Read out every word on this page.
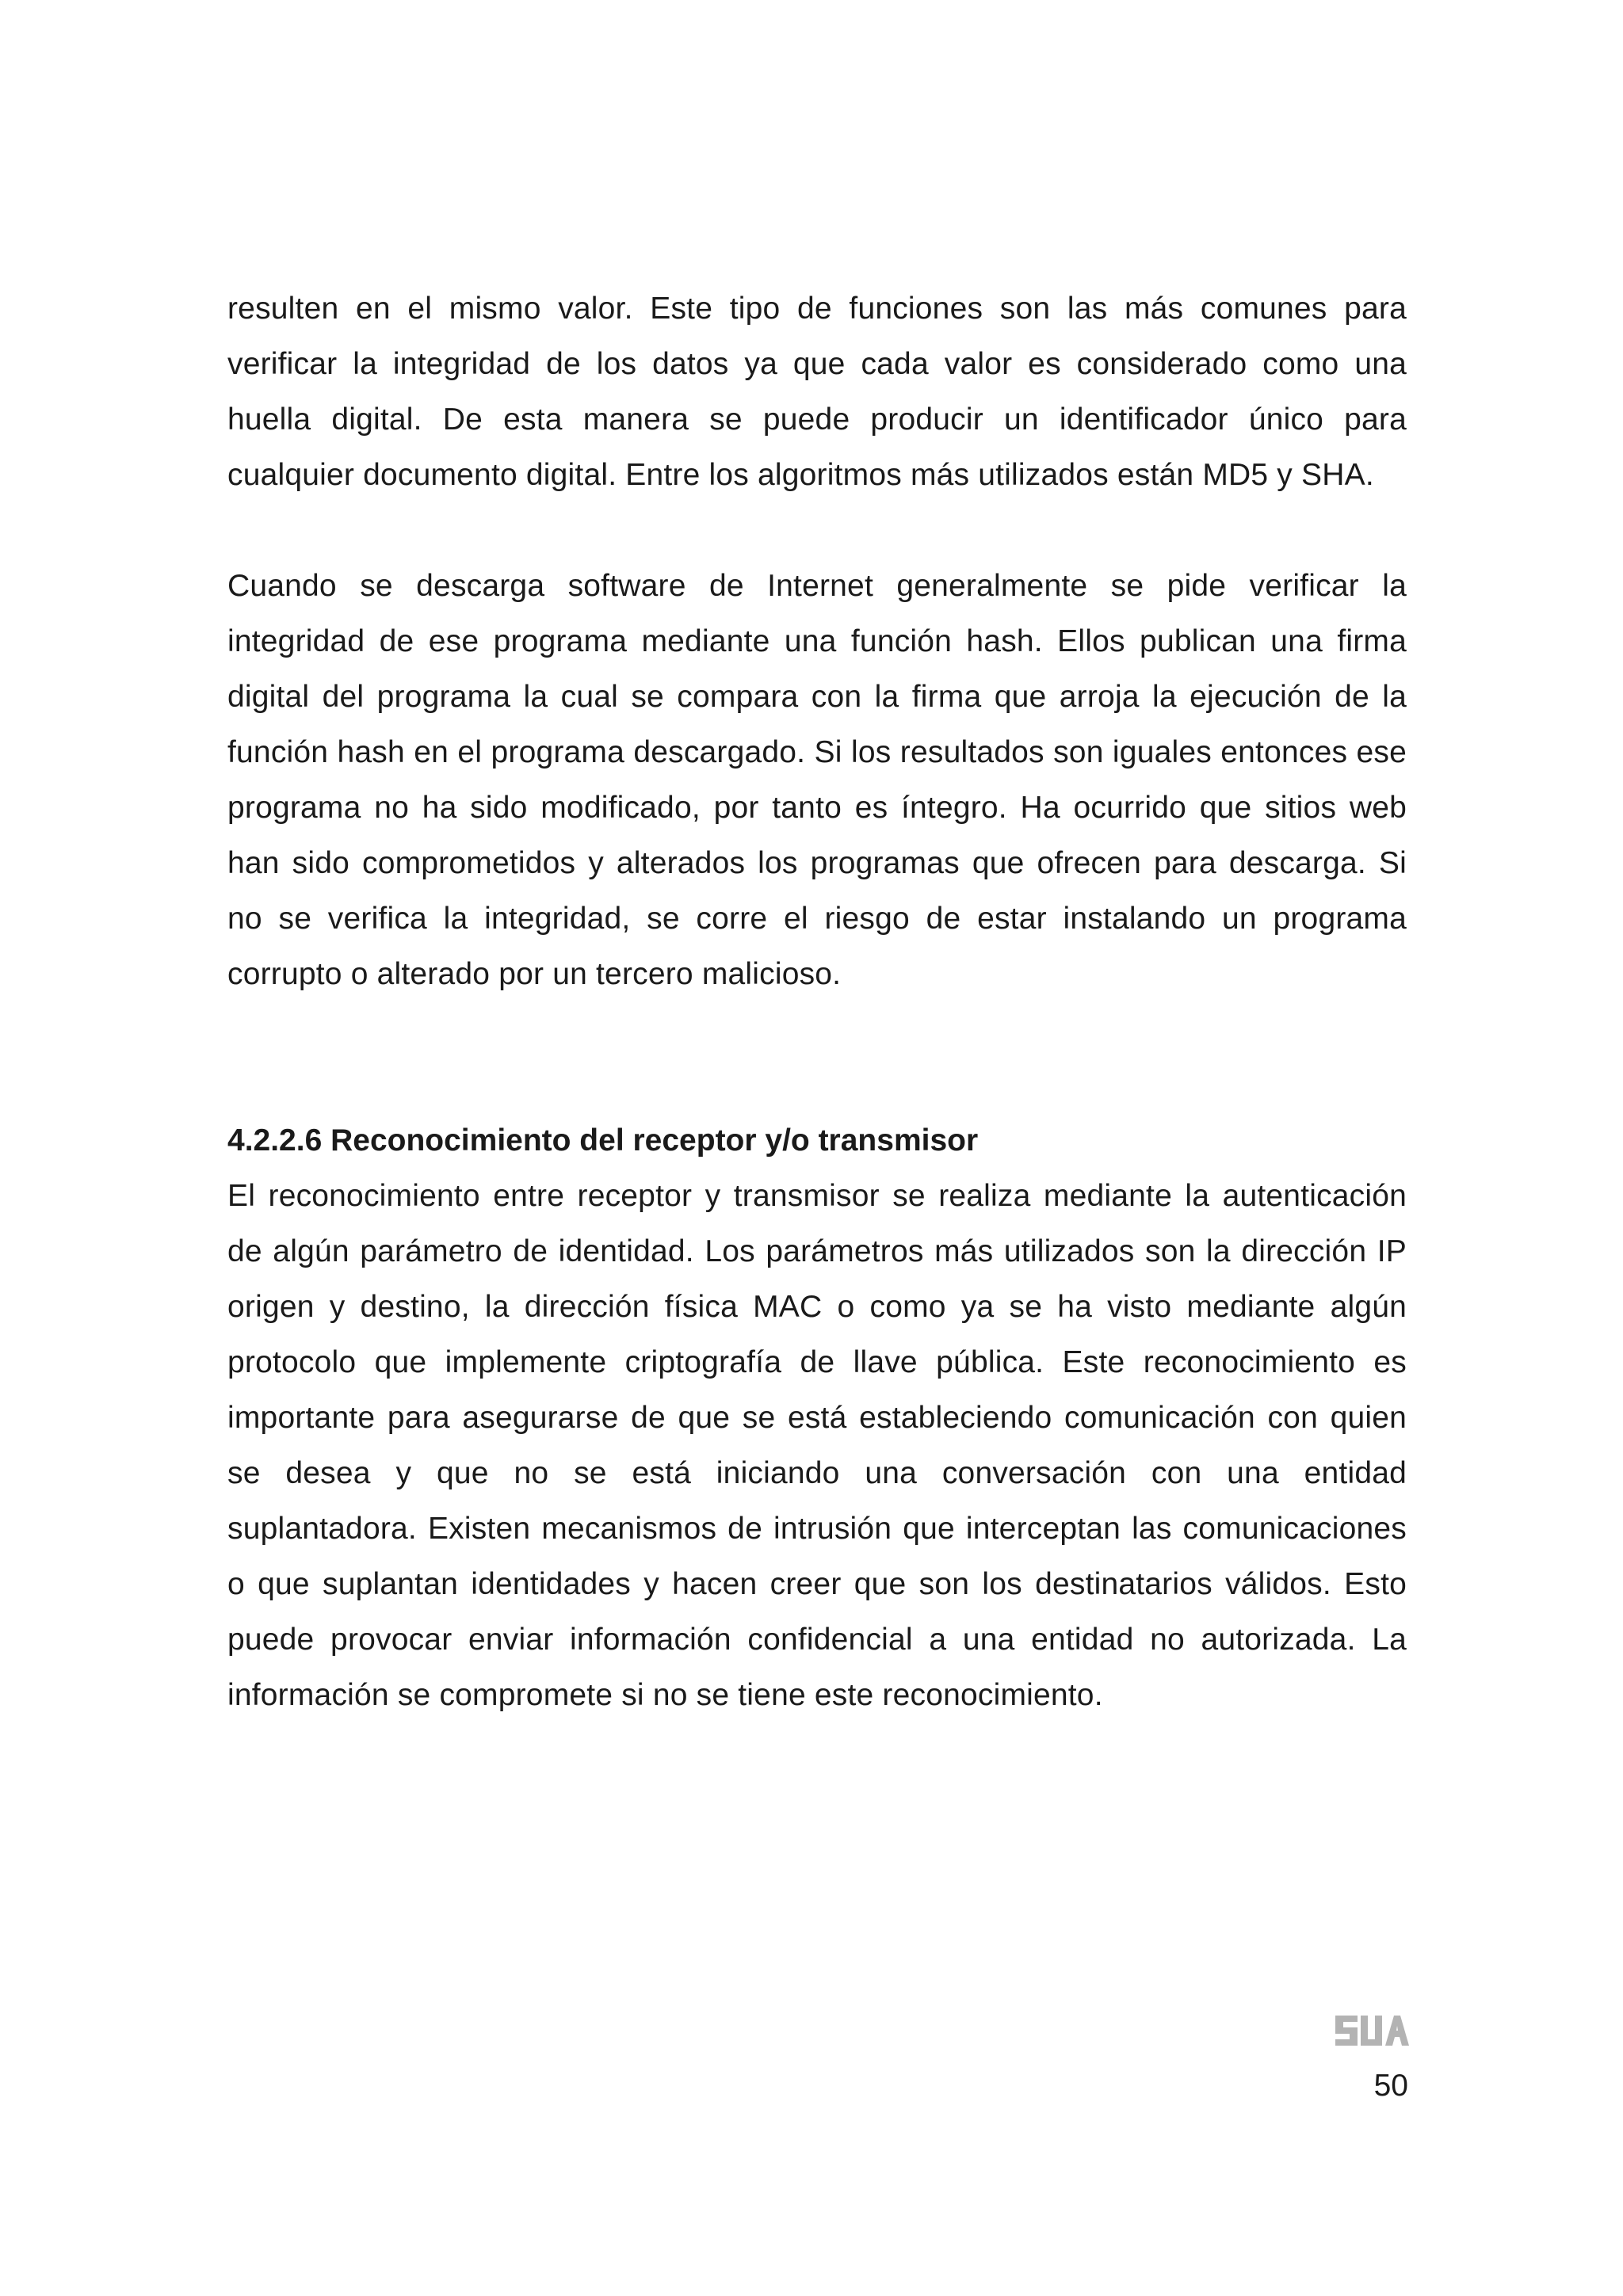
resulten en el mismo valor. Este tipo de funciones son las más comunes para verificar la integridad de los datos ya que cada valor es considerado como una huella digital. De esta manera se puede producir un identificador único para cualquier documento digital. Entre los algoritmos más utilizados están MD5 y SHA.

Cuando se descarga software de Internet generalmente se pide verificar la integridad de ese programa mediante una función hash. Ellos publican una firma digital del programa la cual se compara con la firma que arroja la ejecución de la función hash en el programa descargado. Si los resultados son iguales entonces ese programa no ha sido modificado, por tanto es íntegro. Ha ocurrido que sitios web han sido comprometidos y alterados los programas que ofrecen para descarga. Si no se verifica la integridad, se corre el riesgo de estar instalando un programa corrupto o alterado por un tercero malicioso.

4.2.2.6 Reconocimiento del receptor y/o transmisor

El reconocimiento entre receptor y transmisor se realiza mediante la autenticación de algún parámetro de identidad. Los parámetros más utilizados son la dirección IP origen y destino, la dirección física MAC o como ya se ha visto mediante algún protocolo que implemente criptografía de llave pública. Este reconocimiento es importante para asegurarse de que se está estableciendo comunicación con quien se desea y que no se está iniciando una conversación con una entidad suplantadora. Existen mecanismos de intrusión que interceptan las comunicaciones o que suplantan identidades y hacen creer que son los destinatarios válidos. Esto puede provocar enviar información confidencial a una entidad no autorizada. La información se compromete si no se tiene este reconocimiento.

50
